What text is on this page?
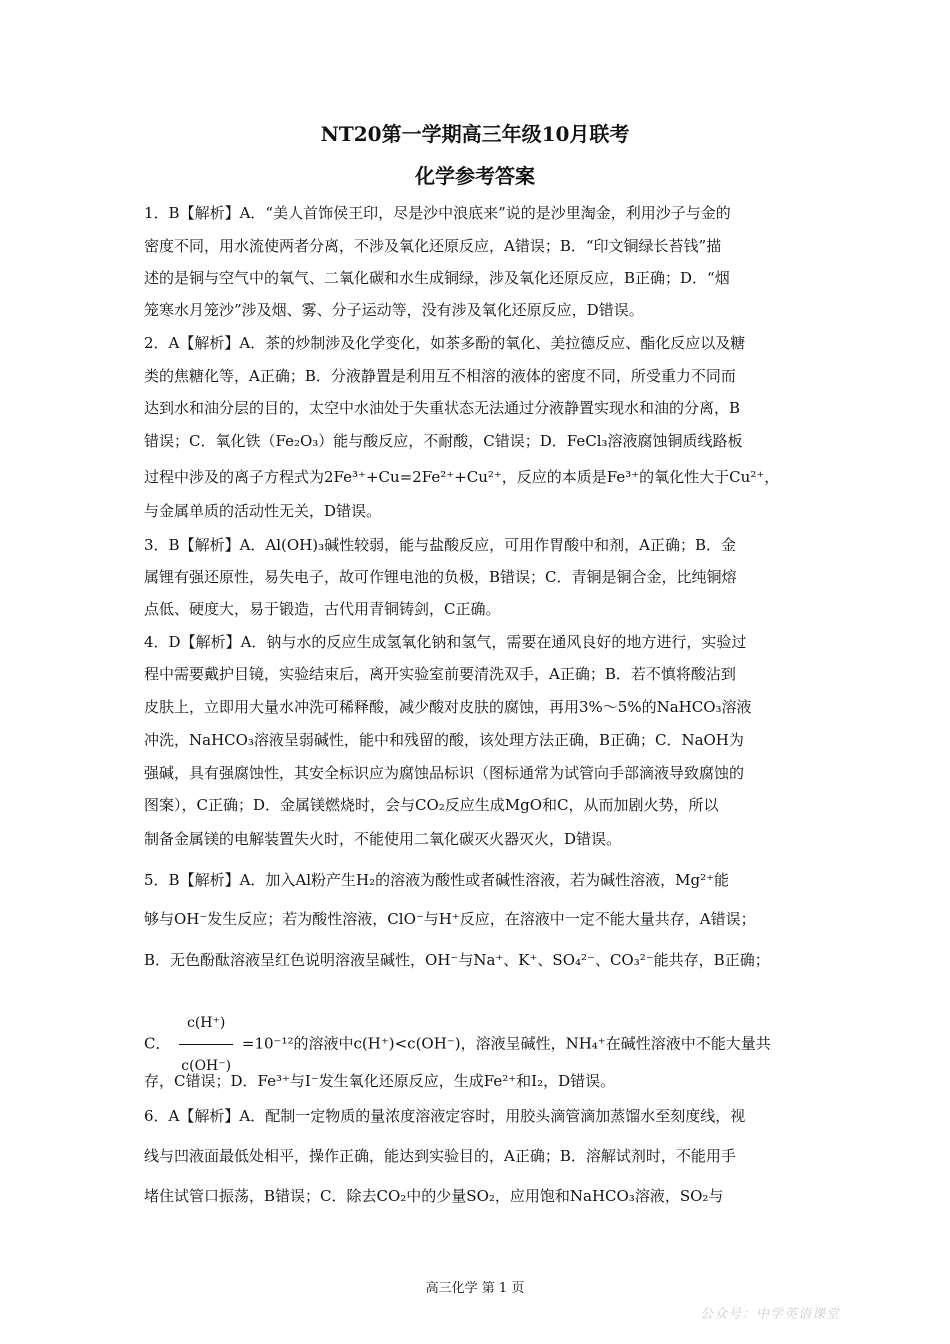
NT20第一学期高三年级10月联考
化学参考答案
1．B【解析】A．“美人首饰侯王印，尽是沙中浪底来”说的是沙里淘金，利用沙子与金的
密度不同，用水流使两者分离，不涉及氧化还原反应，A错误；B．“印文铜绿长苔钱”描
述的是铜与空气中的氧气、二氧化碳和水生成铜绿，涉及氧化还原反应，B正确；D．“烟
笼寒水月笼沙”涉及烟、雾、分子运动等，没有涉及氧化还原反应，D错误。
2．A【解析】A．茶的炒制涉及化学变化，如茶多酚的氧化、美拉德反应、酯化反应以及糖
类的焦糖化等，A正确；B．分液静置是利用互不相溶的液体的密度不同，所受重力不同而
达到水和油分层的目的，太空中水油处于失重状态无法通过分液静置实现水和油的分离，B
错误；C．氧化铁（Fe₂O₃）能与酸反应，不耐酸，C错误；D．FeCl₃溶液腐蚀铜质线路板
过程中涉及的离子方程式为2Fe³⁺+Cu=2Fe²⁺+Cu²⁺，反应的本质是Fe³⁺的氧化性大于Cu²⁺，
与金属单质的活动性无关，D错误。
3．B【解析】A．Al(OH)₃碱性较弱，能与盐酸反应，可用作胃酸中和剂，A正确；B．金
属锂有强还原性，易失电子，故可作锂电池的负极，B错误；C．青铜是铜合金，比纯铜熔
点低、硬度大，易于锻造，古代用青铜铸剑，C正确。
4．D【解析】A．钠与水的反应生成氢氧化钠和氢气，需要在通风良好的地方进行，实验过
程中需要戴护目镜，实验结束后，离开实验室前要清洗双手，A正确；B．若不慎将酸沾到
皮肤上，立即用大量水冲洗可稀释酸，减少酸对皮肤的腐蚀，再用3%～5%的NaHCO₃溶液
冲洗，NaHCO₃溶液呈弱碱性，能中和残留的酸，该处理方法正确，B正确；C．NaOH为
强碱，具有强腐蚀性，其安全标识应为腐蚀品标识（图标通常为试管向手部滴液导致腐蚀的
图案），C正确；D．金属镁燃烧时，会与CO₂反应生成MgO和C，从而加剧火势，所以
制备金属镁的电解装置失火时，不能使用二氧化碳灭火器灭火，D错误。
5．B【解析】A．加入Al粉产生H₂的溶液为酸性或者碱性溶液，若为碱性溶液，Mg²⁺能
够与OH⁻发生反应；若为酸性溶液，ClO⁻与H⁺反应，在溶液中一定不能大量共存，A错误；
B．无色酚酞溶液呈红色说明溶液呈碱性，OH⁻与Na⁺、K⁺、SO₄²⁻、CO₃²⁻能共存，B正确；
C． $\frac{c(H^+)}{c(OH^-)} =10^{-12}$的溶液中c(H⁺)<c(OH⁻)，溶液呈碱性，NH₄⁺在碱性溶液中不能大量共
存，C错误；D．Fe³⁺与I⁻发生氧化还原反应，生成Fe²⁺和I₂，D错误。
6．A【解析】A．配制一定物质的量浓度溶液定容时，用胶头滴管滴加蒸馏水至刻度线，视
线与凹液面最低处相平，操作正确，能达到实验目的，A正确；B．溶解试剂时，不能用手
堵住试管口振荡，B错误；C．除去CO₂中的少量SO₂，应用饱和NaHCO₃溶液，SO₂与
高三化学 第 1 页
公众号：中学英语课堂
